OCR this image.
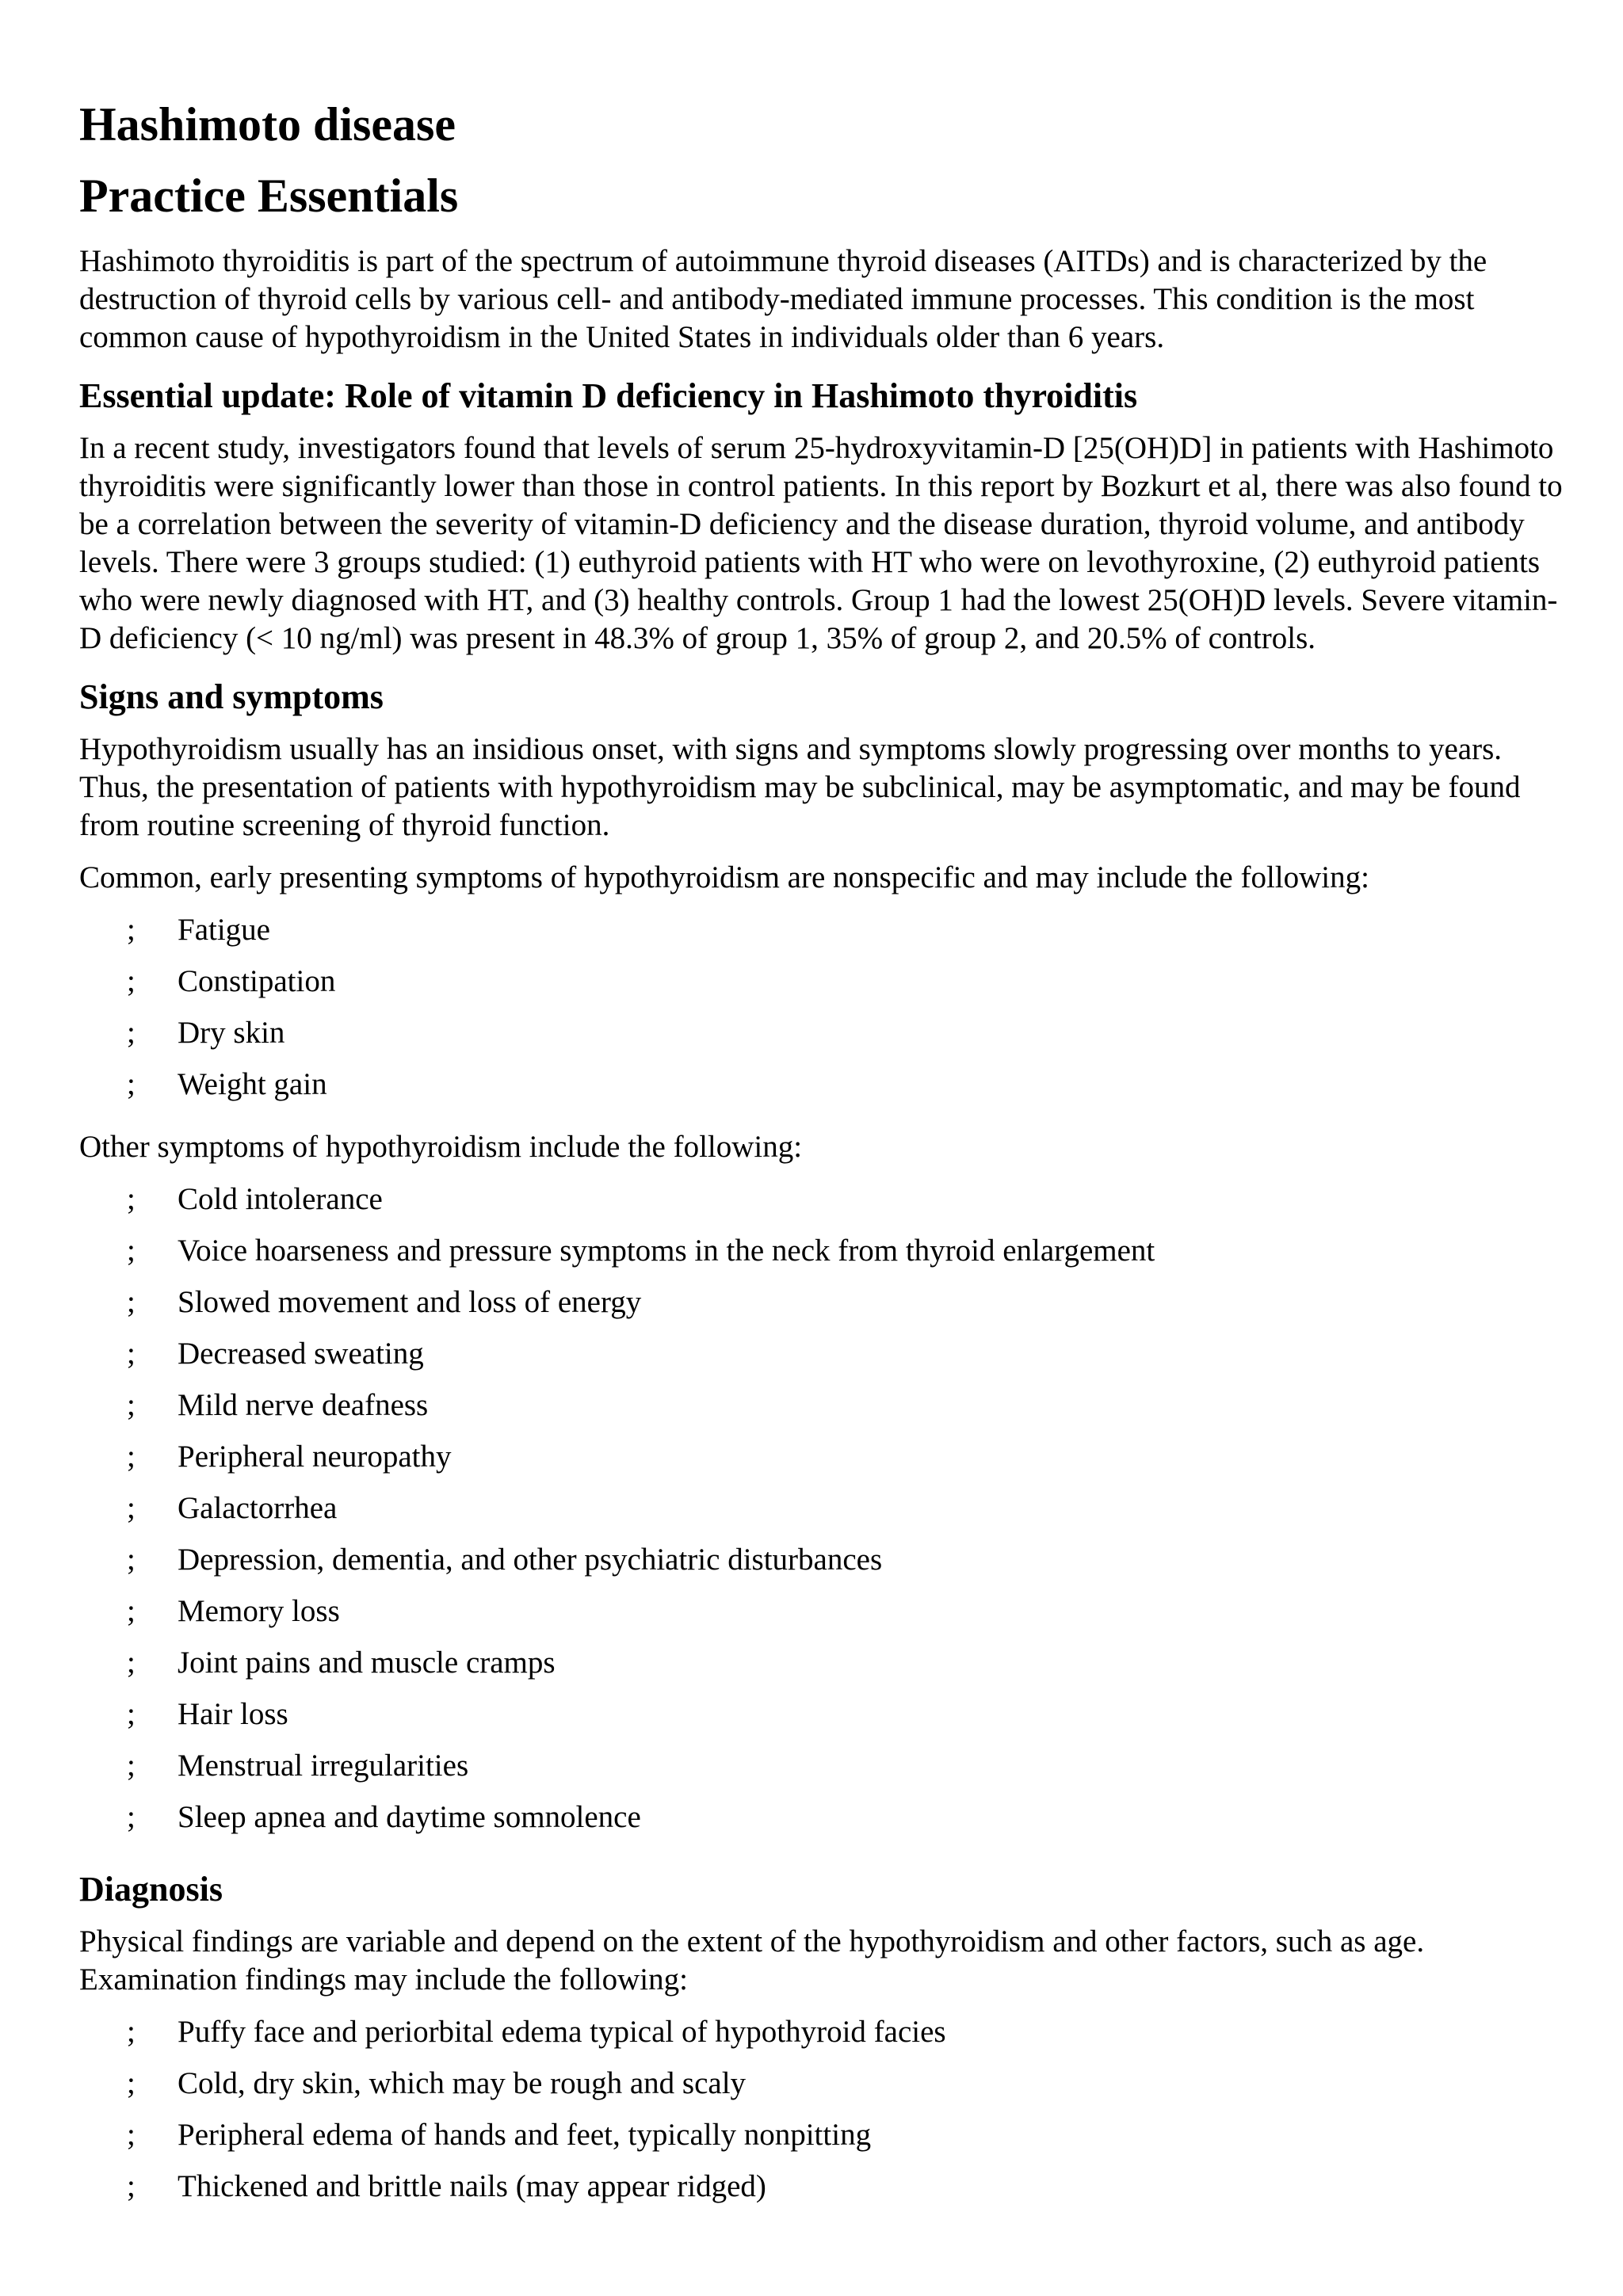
Hashimoto disease
Practice Essentials

Hashimoto thyroiditis is part of the spectrum of autoimmune thyroid diseases (AITDs) and is characterized by the destruction of thyroid cells by various cell- and antibody-mediated immune processes. This condition is the most common cause of hypothyroidism in the United States in individuals older than 6 years.

Essential update: Role of vitamin D deficiency in Hashimoto thyroiditis

In a recent study, investigators found that levels of serum 25-hydroxyvitamin-D [25(OH)D] in patients with Hashimoto thyroiditis were significantly lower than those in control patients. In this report by Bozkurt et al, there was also found to be a correlation between the severity of vitamin-D deficiency and the disease duration, thyroid volume, and antibody levels. There were 3 groups studied: (1) euthyroid patients with HT who were on levothyroxine, (2) euthyroid patients who were newly diagnosed with HT, and (3) healthy controls. Group 1 had the lowest 25(OH)D levels. Severe vitamin-D deficiency (< 10 ng/ml) was present in 48.3% of group 1, 35% of group 2, and 20.5% of controls.

Signs and symptoms

Hypothyroidism usually has an insidious onset, with signs and symptoms slowly progressing over months to years. Thus, the presentation of patients with hypothyroidism may be subclinical, may be asymptomatic, and may be found from routine screening of thyroid function.

Common, early presenting symptoms of hypothyroidism are nonspecific and may include the following:

; Fatigue
; Constipation
; Dry skin
; Weight gain

Other symptoms of hypothyroidism include the following:

; Cold intolerance
; Voice hoarseness and pressure symptoms in the neck from thyroid enlargement
; Slowed movement and loss of energy
; Decreased sweating
; Mild nerve deafness
; Peripheral neuropathy
; Galactorrhea
; Depression, dementia, and other psychiatric disturbances
; Memory loss
; Joint pains and muscle cramps
; Hair loss
; Menstrual irregularities
; Sleep apnea and daytime somnolence
Diagnosis

Physical findings are variable and depend on the extent of the hypothyroidism and other factors, such as age. Examination findings may include the following:

; Puffy face and periorbital edema typical of hypothyroid facies
; Cold, dry skin, which may be rough and scaly
; Peripheral edema of hands and feet, typically nonpitting
; Thickened and brittle nails (may appear ridged)
